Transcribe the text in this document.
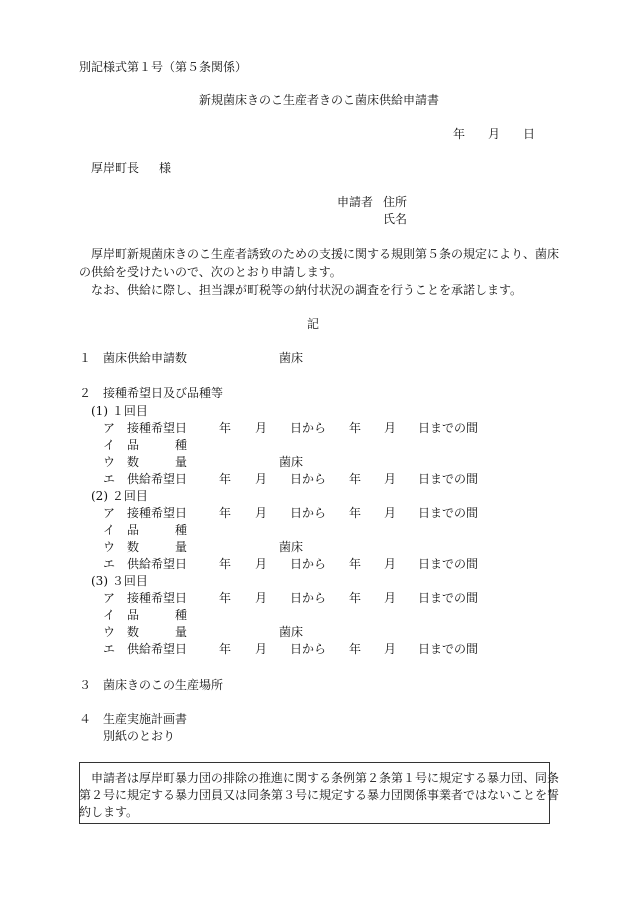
別記様式第１号（第５条関係）
新規菌床きのこ生産者きのこ菌床供給申請書
年 月 日
厚岸町長 様
申請者 住所
氏名
厚岸町新規菌床きのこ生産者誘致のための支援に関する規則第５条の規定により、菌床
の供給を受けたいので、次のとおり申請します。
なお、供給に際し、担当課が町税等の納付状況の調査を行うことを承諾します。
記
１ 菌床供給申請数	菌床
２ 接種希望日及び品種等
(1) １回目
ア　接種希望日	年 月 日から 年 月 日までの間
イ　品　　　種
ウ　数　　　量	菌床
エ　供給希望日	年 月 日から 年 月 日までの間
(2) ２回目
ア　接種希望日	年 月 日から 年 月 日までの間
イ　品　　　種
ウ　数　　　量	菌床
エ　供給希望日	年 月 日から 年 月 日までの間
(3) ３回目
ア　接種希望日	年 月 日から 年 月 日までの間
イ　品　　　種
ウ　数　　　量	菌床
エ　供給希望日	年 月 日から 年 月 日までの間
３ 菌床きのこの生産場所
４ 生産実施計画書
別紙のとおり
申請者は厚岸町暴力団の排除の推進に関する条例第２条第１号に規定する暴力団、同条
第２号に規定する暴力団員又は同条第３号に規定する暴力団関係事業者ではないことを誓
約します。
